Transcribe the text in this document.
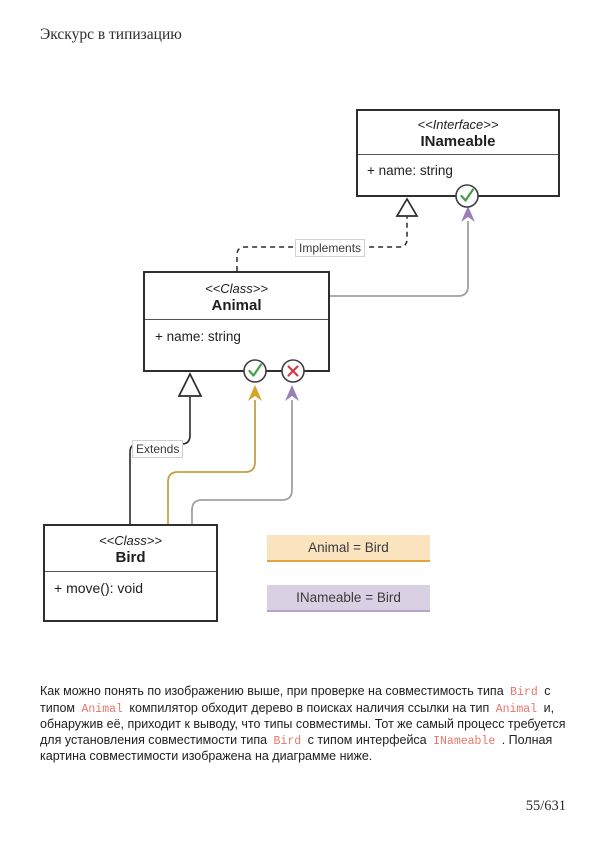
Экскурс в типизацию
<<Interface>>
INameable
+ name: string
<<Class>>
Animal
+ name: string
<<Class>>
Bird
+ move(): void
Implements
Extends
Animal = Bird
INameable = Bird

Как можно понять по изображению выше, при проверке на совместимость типа Bird с типом Animal компилятор обходит дерево в поисках наличия ссылки на тип Animal и, обнаружив её, приходит к выводу, что типы совместимы. Тот же самый процесс требуется для установления совместимости типа Bird с типом интерфейса INameable . Полная картина совместимости изображена на диаграмме ниже.

55/631
